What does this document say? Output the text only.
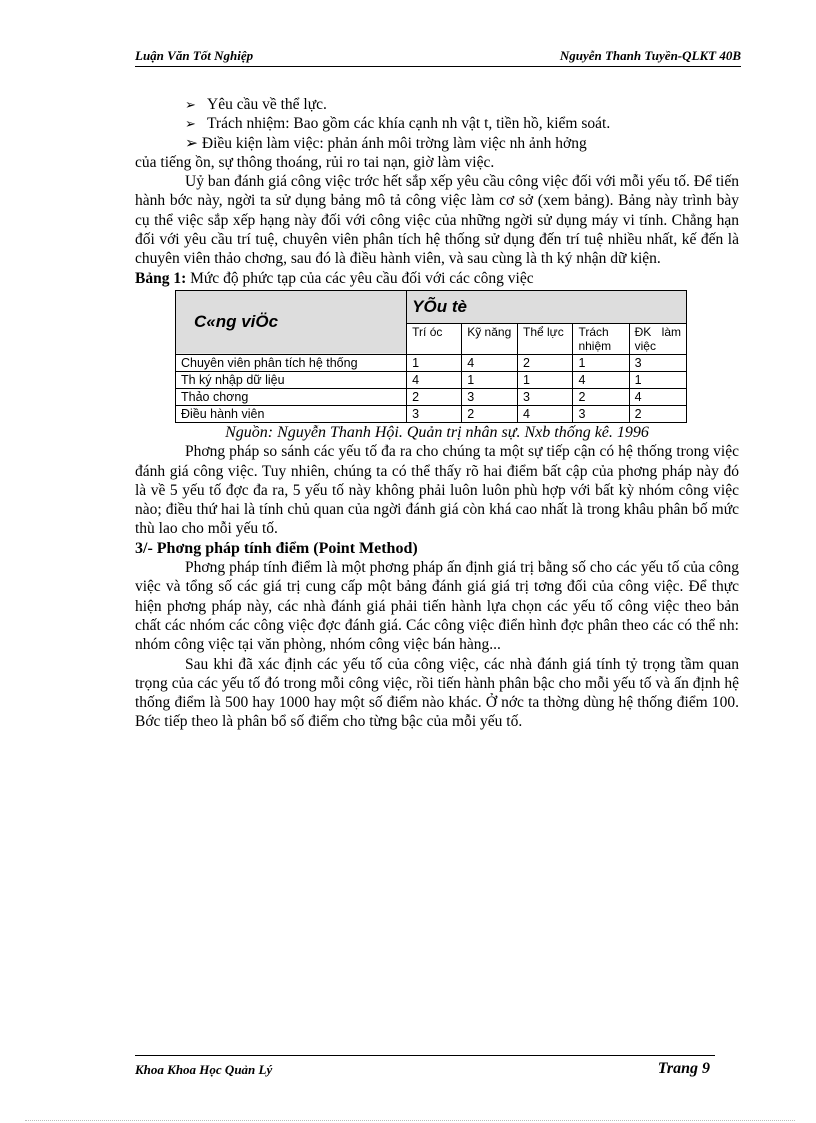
Luận Văn Tốt Nghiệp	Nguyễn Thanh Tuyền-QLKT 40B

➢ Yêu cầu về thể lực.

➢ Trách nhiệm: Bao gồm các khía cạnh nh vật t, tiền hồ, kiểm soát.

➢ Điều kiện làm việc: phản ánh môi trờng làm việc nh ảnh hởng
của tiếng ồn, sự thông thoáng, rủi ro tai nạn, giờ làm việc.

Uỷ ban đánh giá công việc trớc hết sắp xếp yêu cầu công việc đối với mỗi yếu tố. Để tiến hành bớc này, ngời ta sử dụng bảng mô tả công việc làm cơ sở (xem bảng). Bảng này trình bày cụ thể việc sắp xếp hạng này đối với công việc của những ngời sử dụng máy vi tính. Chẳng hạn đối với yêu cầu trí tuệ, chuyên viên phân tích hệ thống sử dụng đến trí tuệ nhiều nhất, kế đến là chuyên viên thảo chơng, sau đó là điều hành viên, và sau cùng là th ký nhận dữ kiện.

Bảng 1: Mức độ phức tạp của các yêu cầu đối với các công việc

C«ng viÖc	YÕu tè				
	Trí óc	Kỹ năng	Thể lực	Trách nhiệm	ĐK làm việc
Chuyên viên phân tích hệ thống	1	4	2	1	3
Th ký nhập dữ liệu	4	1	1	4	1
Thảo chơng	2	3	3	2	4
Điều hành viên	3	2	4	3	2

Nguồn: Nguyễn Thanh Hội. Quản trị nhân sự. Nxb thống kê. 1996

Phơng pháp so sánh các yếu tố đa ra cho chúng ta một sự tiếp cận có hệ thống trong việc đánh giá công việc. Tuy nhiên, chúng ta có thể thấy rõ hai điểm bất cập của phơng pháp này đó là về 5 yếu tố đợc đa ra, 5 yếu tố này không phải luôn luôn phù hợp với bất kỳ nhóm công việc nào; điều thứ hai là tính chủ quan của ngời đánh giá còn khá cao nhất là trong khâu phân bố mức thù lao cho mỗi yếu tố.

3/- Phơng pháp tính điểm (Point Method)

Phơng pháp tính điểm là một phơng pháp ấn định giá trị bằng số cho các yếu tố của công việc và tổng số các giá trị cung cấp một bảng đánh giá giá trị tơng đối của công việc. Để thực hiện phơng pháp này, các nhà đánh giá phải tiến hành lựa chọn các yếu tố công việc theo bản chất các nhóm các công việc đợc đánh giá. Các công việc điển hình đợc phân theo các có thể nh: nhóm công việc tại văn phòng, nhóm công việc bán hàng...

Sau khi đã xác định các yếu tố của công việc, các nhà đánh giá tính tỷ trọng tầm quan trọng của các yếu tố đó trong mỗi công việc, rồi tiến hành phân bậc cho mỗi yếu tố và ấn định hệ thống điểm là 500 hay 1000 hay một số điểm nào khác. Ở nớc ta thờng dùng hệ thống điểm 100. Bớc tiếp theo là phân bổ số điểm cho từng bậc của mỗi yếu tố.

Khoa Khoa Học Quản Lý	Trang 9
